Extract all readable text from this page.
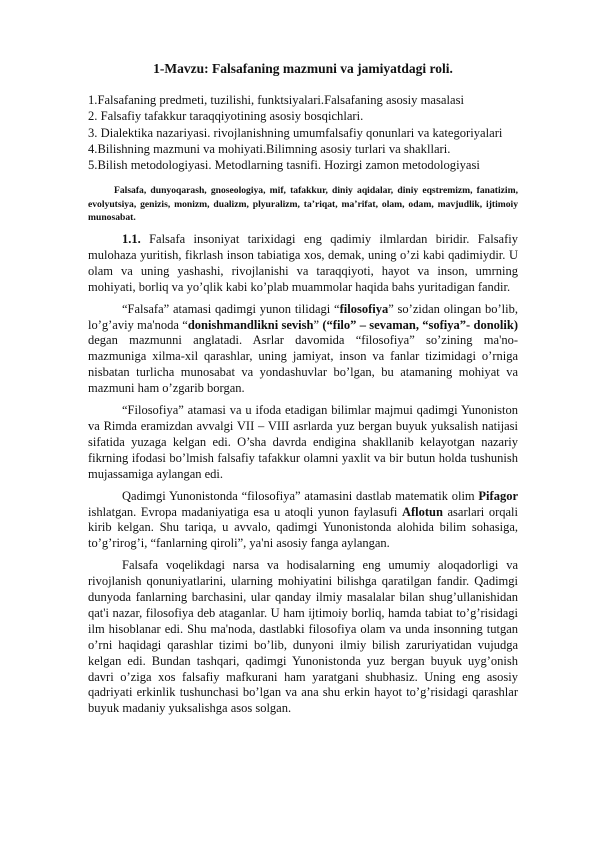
1-Mavzu: Falsafaning mazmuni va jamiyatdagi roli.
1.Falsafaning predmeti, tuzilishi, funktsiyalari.Falsafaning asosiy masalasi
2. Falsafiy tafakkur taraqqiyotining asosiy bosqichlari.
3. Dialektika nazariyasi. rivojlanishning umumfalsafiy qonunlari va kategoriyalari
4.Bilishning mazmuni va mohiyati.Bilimning asosiy turlari va shakllari.
5.Bilish metodologiyasi. Metodlarning tasnifi. Hozirgi zamon metodologiyasi
Falsafa, dunyoqarash, gnoseologiya, mif, tafakkur, diniy aqidalar, diniy eqstremizm, fanatizim, evolyutsiya, genizis, monizm, dualizm, plyuralizm, ta’riqat, ma’rifat, olam, odam, mavjudlik, ijtimoiy munosabat.

1.1. Falsafa insoniyat tarixidagi eng qadimiy ilmlardan biridir. Falsafiy mulohaza yuritish, fikrlash inson tabiatiga xos, demak, uning o’zi kabi qadimiydir. U olam va uning yashashi, rivojlanishi va taraqqiyoti, hayot va inson, umrning mohiyati, borliq va yo’qlik kabi ko’plab muammolar haqida bahs yuritadigan fandir.

“Falsafa” atamasi qadimgi yunon tilidagi “filosofiya” so’zidan olingan bo’lib, lo’g’aviy ma'noda “donishmandlikni sevish” (“filo” – sevaman, “sofiya”- donolik) degan mazmunni anglatadi. Asrlar davomida “filosofiya” so’zining ma'no-mazmuniga xilma-xil qarashlar, uning jamiyat, inson va fanlar tizimidagi o’rniga nisbatan turlicha munosabat va yondashuvlar bo’lgan, bu atamaning mohiyat va mazmuni ham o’zgarib borgan.

“Filosofiya” atamasi va u ifoda etadigan bilimlar majmui qadimgi Yunoniston va Rimda eramizdan avvalgi VII – VIII asrlarda yuz bergan buyuk yuksalish natijasi sifatida yuzaga kelgan edi. O’sha davrda endigina shakllanib kelayotgan nazariy fikrning ifodasi bo’lmish falsafiy tafakkur olamni yaxlit va bir butun holda tushunish mujassamiga aylangan edi.

Qadimgi Yunonistonda “filosofiya” atamasini dastlab matematik olim Pifagor ishlatgan. Evropa madaniyatiga esa u atoqli yunon faylasufi Aflotun asarlari orqali kirib kelgan. Shu tariqa, u avvalo, qadimgi Yunonistonda alohida bilim sohasiga, to’g’rirog’i, “fanlarning qiroli”, ya'ni asosiy fanga aylangan.

Falsafa voqelikdagi narsa va hodisalarning eng umumiy aloqadorligi va rivojlanish qonuniyatlarini, ularning mohiyatini bilishga qaratilgan fandir. Qadimgi dunyoda fanlarning barchasini, ular qanday ilmiy masalalar bilan shug’ullanishidan qat'i nazar, filosofiya deb ataganlar. U ham ijtimoiy borliq, hamda tabiat to’g’risidagi ilm hisoblanar edi. Shu ma'noda, dastlabki filosofiya olam va unda insonning tutgan o’rni haqidagi qarashlar tizimi bo’lib, dunyoni ilmiy bilish zaruriyatidan vujudga kelgan edi. Bundan tashqari, qadimgi Yunonistonda yuz bergan buyuk uyg’onish davri o’ziga xos falsafiy mafkurani ham yaratgani shubhasiz. Uning eng asosiy qadriyati erkinlik tushunchasi bo’lgan va ana shu erkin hayot to’g’risidagi qarashlar buyuk madaniy yuksalishga asos solgan.
